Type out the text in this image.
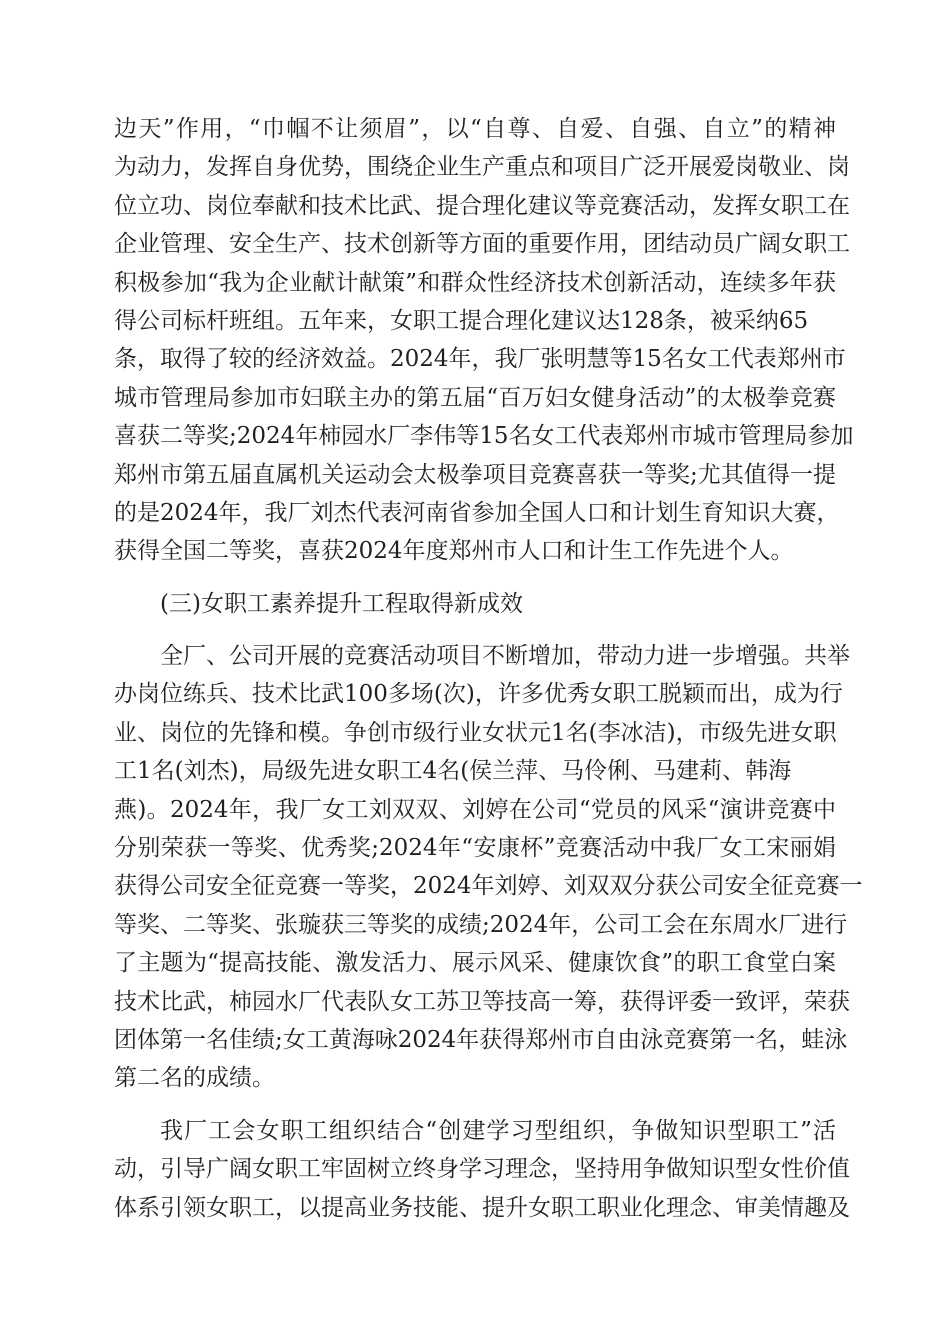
边天”作用，“巾帼不让须眉”，以“自尊、自爱、自强、自立”的精神
为动力，发挥自身优势，围绕企业生产重点和项目广泛开展爱岗敬业、岗
位立功、岗位奉献和技术比武、提合理化建议等竞赛活动，发挥女职工在
企业管理、安全生产、技术创新等方面的重要作用，团结动员广阔女职工
积极参加“我为企业献计献策”和群众性经济技术创新活动，连续多年获
得公司标杆班组。五年来，女职工提合理化建议达128条，被采纳65
条，取得了较的经济效益。2024年，我厂张明慧等15名女工代表郑州市
城市管理局参加市妇联主办的第五届“百万妇女健身活动”的太极拳竞赛
喜获二等奖;2024年柿园水厂李伟等15名女工代表郑州市城市管理局参加
郑州市第五届直属机关运动会太极拳项目竞赛喜获一等奖;尤其值得一提
的是2024年，我厂刘杰代表河南省参加全国人口和计划生育知识大赛，
获得全国二等奖，喜获2024年度郑州市人口和计生工作先进个人。
(三)女职工素养提升工程取得新成效
全厂、公司开展的竞赛活动项目不断增加，带动力进一步增强。共举
办岗位练兵、技术比武100多场(次)，许多优秀女职工脱颖而出，成为行
业、岗位的先锋和模。争创市级行业女状元1名(李冰洁)，市级先进女职
工1名(刘杰)，局级先进女职工4名(侯兰萍、马伶俐、马建莉、韩海
燕)。2024年，我厂女工刘双双、刘婷在公司“党员的风采“演讲竞赛中
分别荣获一等奖、优秀奖;2024年“安康杯”竞赛活动中我厂女工宋丽娟
获得公司安全征竞赛一等奖，2024年刘婷、刘双双分获公司安全征竞赛一
等奖、二等奖、张璇获三等奖的成绩;2024年，公司工会在东周水厂进行
了主题为“提高技能、激发活力、展示风采、健康饮食”的职工食堂白案
技术比武，柿园水厂代表队女工苏卫等技高一筹，获得评委一致评，荣获
团体第一名佳绩;女工黄海咏2024年获得郑州市自由泳竞赛第一名，蛙泳
第二名的成绩。
我厂工会女职工组织结合“创建学习型组织，争做知识型职工”活
动，引导广阔女职工牢固树立终身学习理念，坚持用争做知识型女性价值
体系引领女职工，以提高业务技能、提升女职工职业化理念、审美情趣及
